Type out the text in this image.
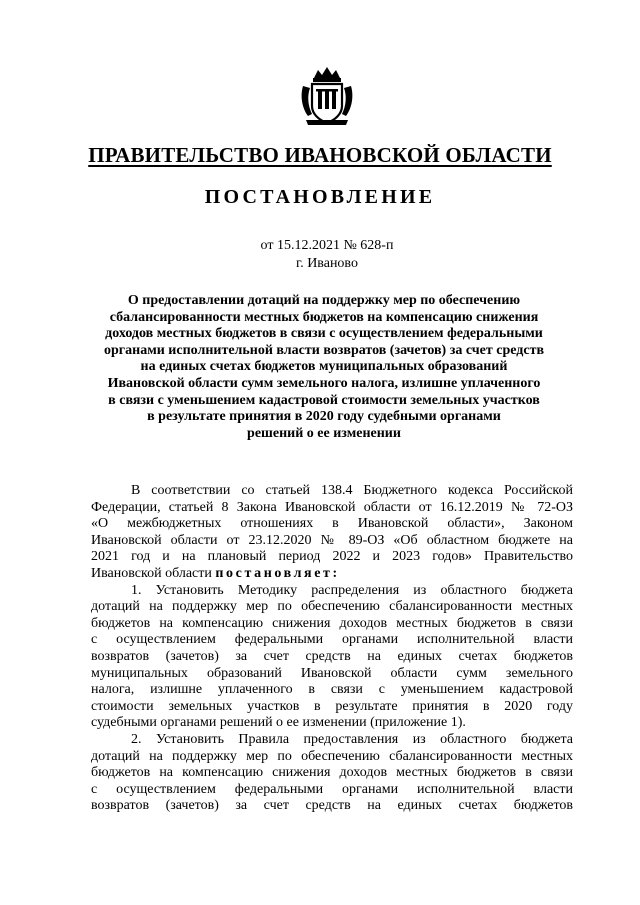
ПРАВИТЕЛЬСТВО ИВАНОВСКОЙ ОБЛАСТИ
ПОСТАНОВЛЕНИЕ
от 15.12.2021 № 628-п
г. Иваново
О предоставлении дотаций на поддержку мер по обеспечению
сбалансированности местных бюджетов на компенсацию снижения
доходов местных бюджетов в связи с осуществлением федеральными
органами исполнительной власти возвратов (зачетов) за счет средств
на единых счетах бюджетов муниципальных образований
Ивановской области сумм земельного налога, излишне уплаченного
в связи с уменьшением кадастровой стоимости земельных участков
в результате принятия в 2020 году судебными органами
решений о ее изменении
В соответствии со статьей 138.4 Бюджетного кодекса Российской
Федерации, статьей 8 Закона Ивановской области от 16.12.2019 № 72-ОЗ
«О межбюджетных отношениях в Ивановской области», Законом
Ивановской области от 23.12.2020 № 89-ОЗ «Об областном бюджете на
2021 год и на плановый период 2022 и 2023 годов» Правительство
Ивановской области постановляет:
1. Установить Методику распределения из областного бюджета
дотаций на поддержку мер по обеспечению сбалансированности местных
бюджетов на компенсацию снижения доходов местных бюджетов в связи
с осуществлением федеральными органами исполнительной власти
возвратов (зачетов) за счет средств на единых счетах бюджетов
муниципальных образований Ивановской области сумм земельного
налога, излишне уплаченного в связи с уменьшением кадастровой
стоимости земельных участков в результате принятия в 2020 году
судебными органами решений о ее изменении (приложение 1).
2. Установить Правила предоставления из областного бюджета
дотаций на поддержку мер по обеспечению сбалансированности местных
бюджетов на компенсацию снижения доходов местных бюджетов в связи
с осуществлением федеральными органами исполнительной власти
возвратов (зачетов) за счет средств на единых счетах бюджетов
